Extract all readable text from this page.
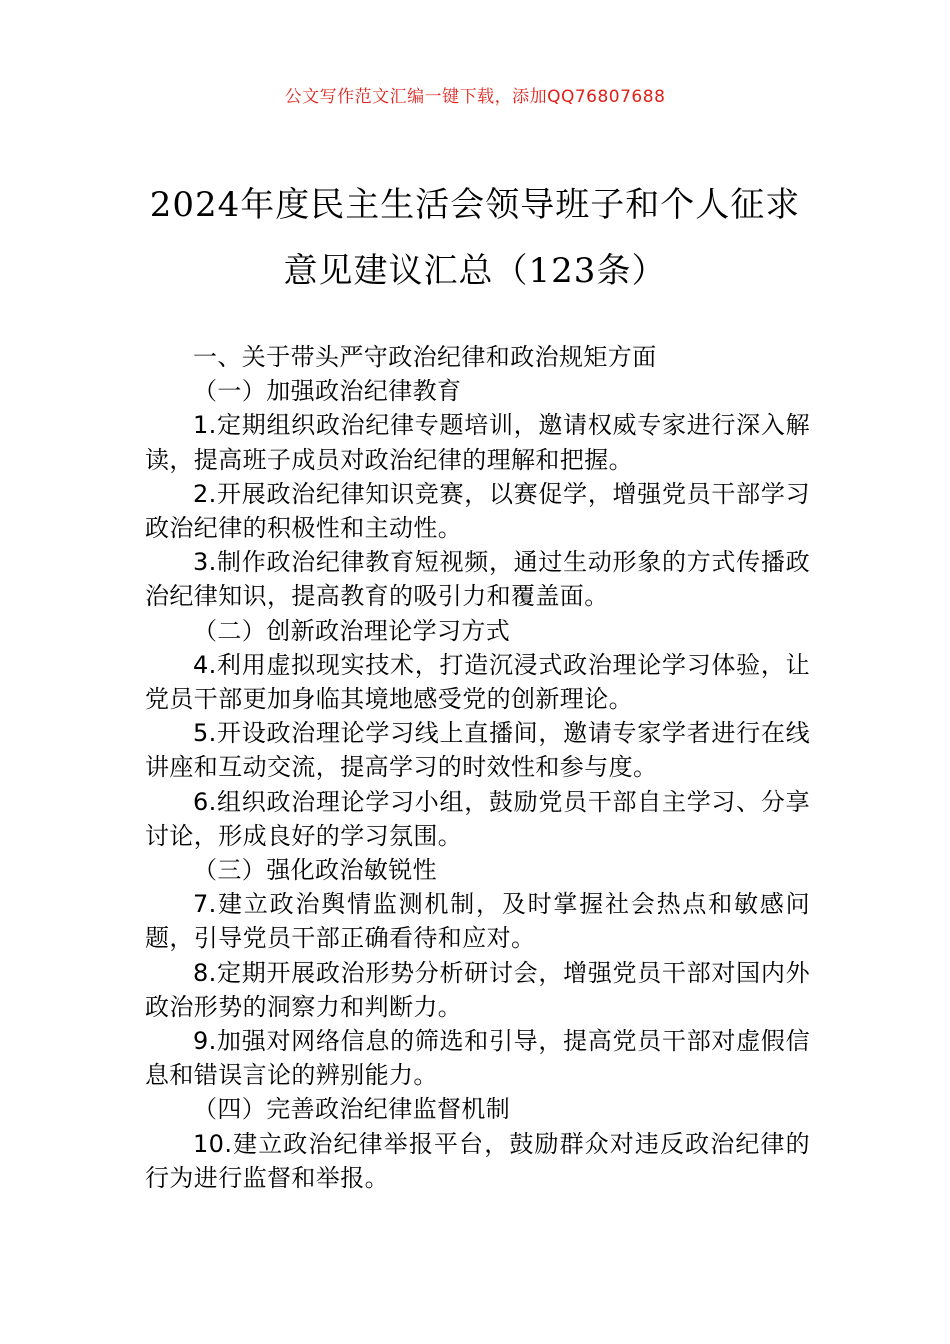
公文写作范文汇编一键下载，添加QQ76807688
2024年度民主生活会领导班子和个人征求
意见建议汇总（123条）

一、关于带头严守政治纪律和政治规矩方面

（一）加强政治纪律教育

1.定期组织政治纪律专题培训，邀请权威专家进行深入解读，提高班子成员对政治纪律的理解和把握。

2.开展政治纪律知识竞赛，以赛促学，增强党员干部学习政治纪律的积极性和主动性。

3.制作政治纪律教育短视频，通过生动形象的方式传播政治纪律知识，提高教育的吸引力和覆盖面。

（二）创新政治理论学习方式

4.利用虚拟现实技术，打造沉浸式政治理论学习体验，让党员干部更加身临其境地感受党的创新理论。

5.开设政治理论学习线上直播间，邀请专家学者进行在线讲座和互动交流，提高学习的时效性和参与度。

6.组织政治理论学习小组，鼓励党员干部自主学习、分享讨论，形成良好的学习氛围。

（三）强化政治敏锐性

7.建立政治舆情监测机制，及时掌握社会热点和敏感问题，引导党员干部正确看待和应对。

8.定期开展政治形势分析研讨会，增强党员干部对国内外政治形势的洞察力和判断力。

9.加强对网络信息的筛选和引导，提高党员干部对虚假信息和错误言论的辨别能力。

（四）完善政治纪律监督机制

10.建立政治纪律举报平台，鼓励群众对违反政治纪律的行为进行监督和举报。
